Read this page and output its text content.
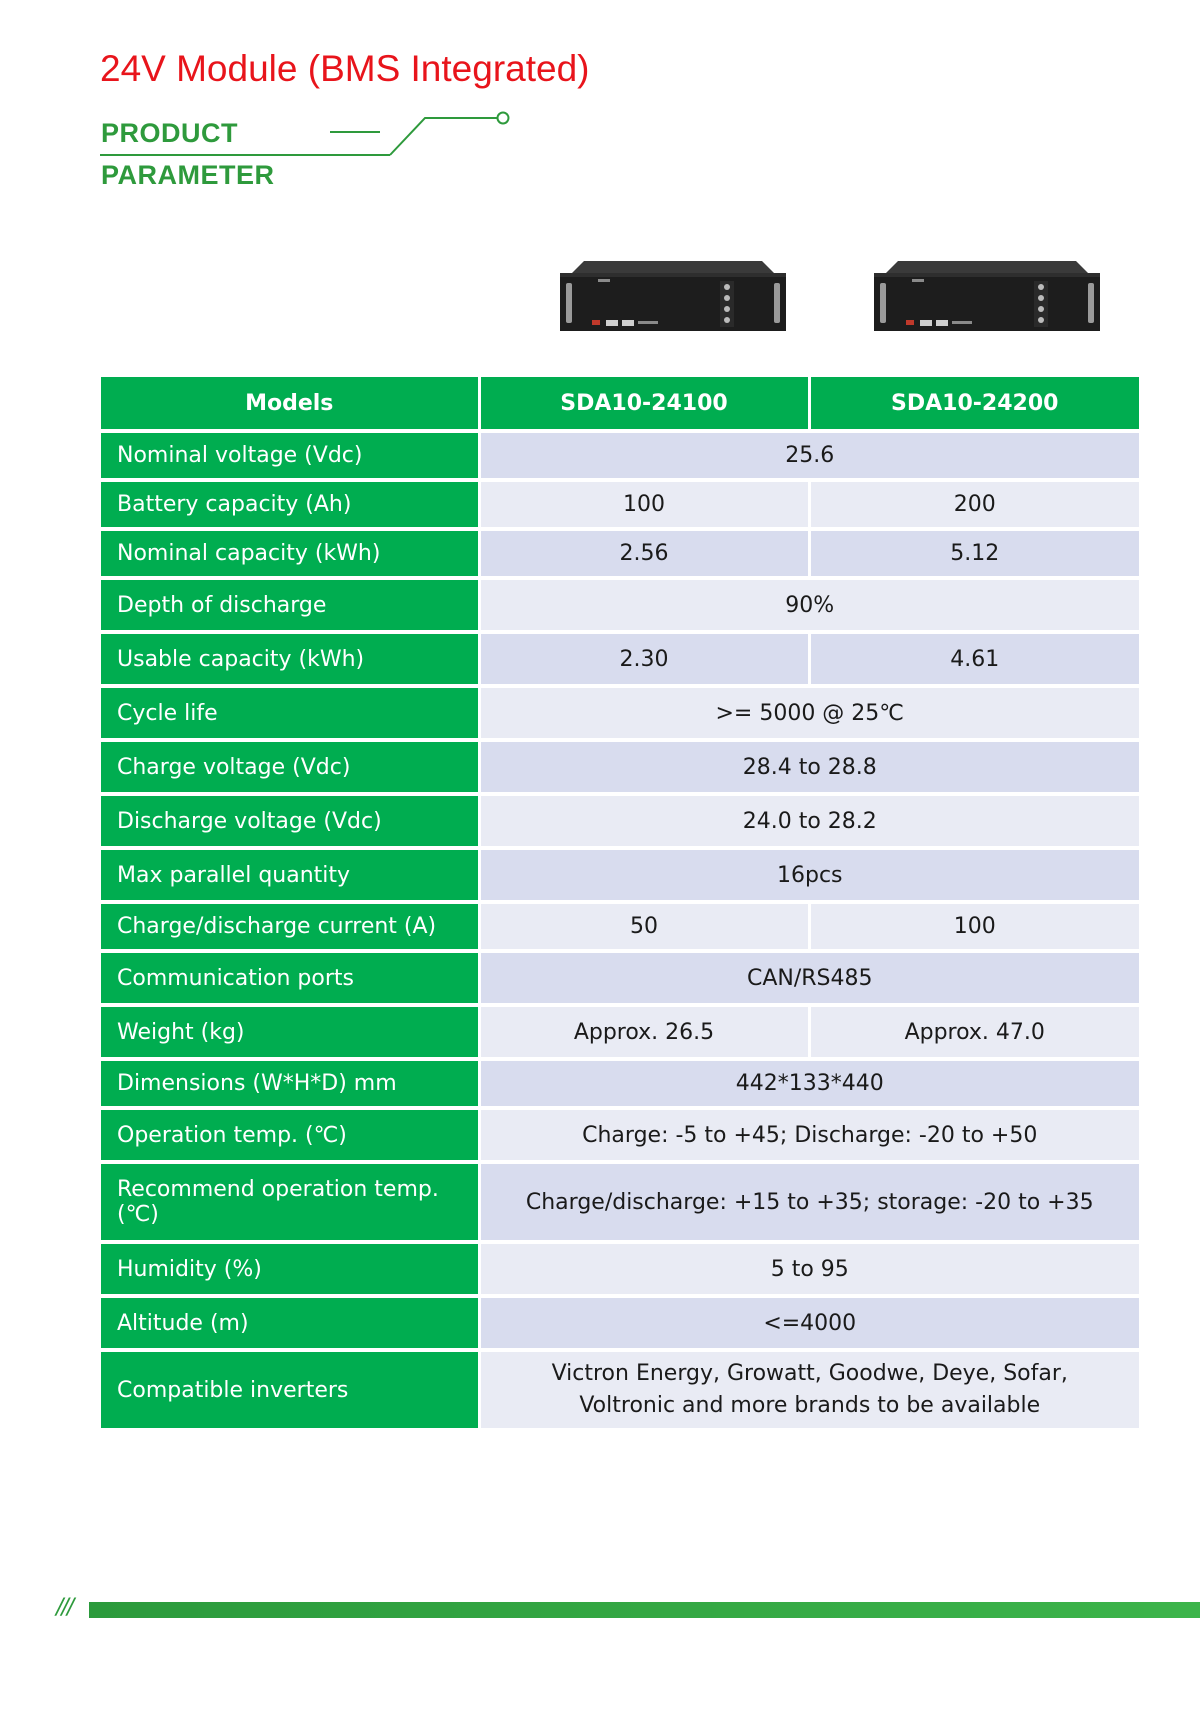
24V Module (BMS Integrated)
PRODUCT
PARAMETER
Models	SDA10-24100	SDA10-24200
Nominal voltage (Vdc)	25.6	
Battery capacity (Ah)	100	200
Nominal capacity (kWh)	2.56	5.12
Depth of discharge	90%	
Usable capacity (kWh)	2.30	4.61
Cycle life	>= 5000 @ 25℃	
Charge voltage (Vdc)	28.4 to 28.8	
Discharge voltage (Vdc)	24.0 to 28.2	
Max parallel quantity	16pcs	
Charge/discharge current (A)	50	100
Communication ports	CAN/RS485	
Weight (kg)	Approx. 26.5	Approx. 47.0
Dimensions (W*H*D) mm	442*133*440	
Operation temp. (℃)	Charge: -5 to +45; Discharge: -20 to +50	
Recommend operation temp. (℃)	Charge/discharge: +15 to +35; storage: -20 to +35	
Humidity (%)	5 to 95	
Altitude (m)	<=4000	
Compatible inverters	Victron Energy, Growatt, Goodwe, Deye, Sofar, Voltronic and more brands to be available	
///
